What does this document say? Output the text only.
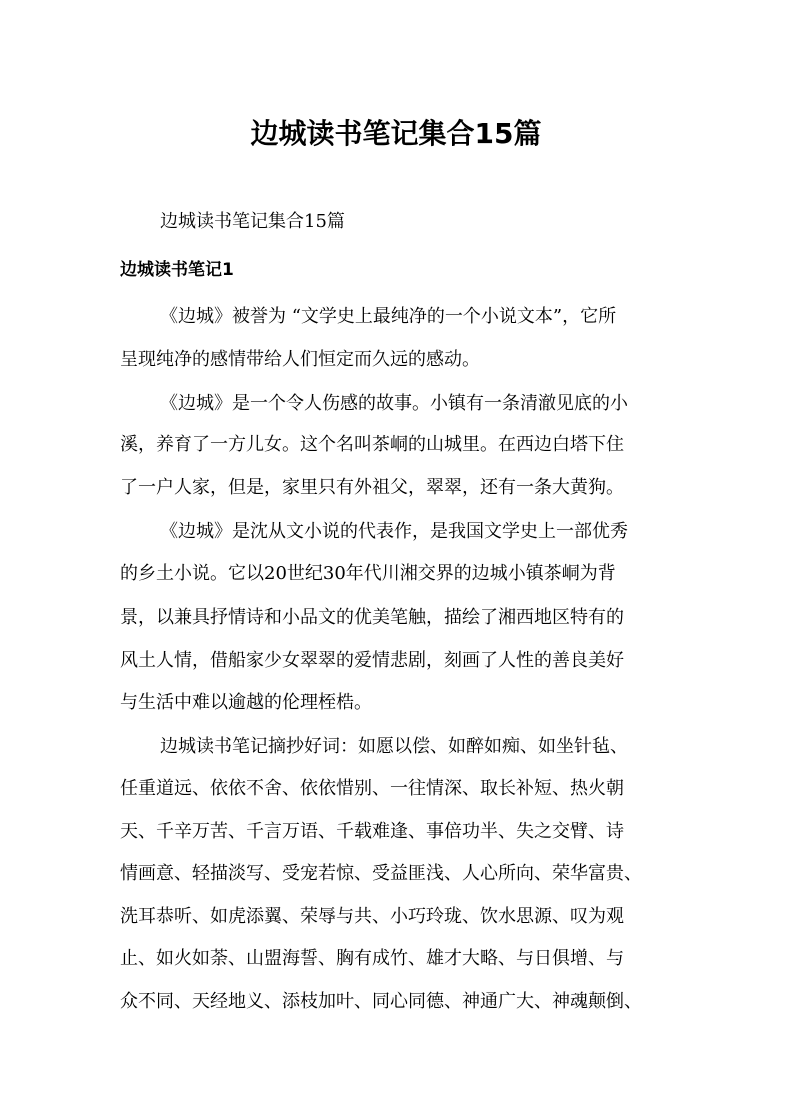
边城读书笔记集合15篇

边城读书笔记集合15篇

边城读书笔记1

《边城》被誉为 “文学史上最纯净的一个小说文本”，它所

呈现纯净的感情带给人们恒定而久远的感动。

《边城》是一个令人伤感的故事。小镇有一条清澈见底的小

溪，养育了一方儿女。这个名叫茶峒的山城里。在西边白塔下住

了一户人家，但是，家里只有外祖父，翠翠，还有一条大黄狗。

《边城》是沈从文小说的代表作，是我国文学史上一部优秀

的乡土小说。它以20世纪30年代川湘交界的边城小镇茶峒为背

景，以兼具抒情诗和小品文的优美笔触，描绘了湘西地区特有的

风土人情，借船家少女翠翠的爱情悲剧，刻画了人性的善良美好

与生活中难以逾越的伦理桎梏。

边城读书笔记摘抄好词：如愿以偿、如醉如痴、如坐针毡、

任重道远、依依不舍、依依惜别、一往情深、取长补短、热火朝

天、千辛万苦、千言万语、千载难逢、事倍功半、失之交臂、诗

情画意、轻描淡写、受宠若惊、受益匪浅、人心所向、荣华富贵、

洗耳恭听、如虎添翼、荣辱与共、小巧玲珑、饮水思源、叹为观

止、如火如荼、山盟海誓、胸有成竹、雄才大略、与日俱增、与

众不同、天经地义、添枝加叶、同心同德、神通广大、神魂颠倒、
